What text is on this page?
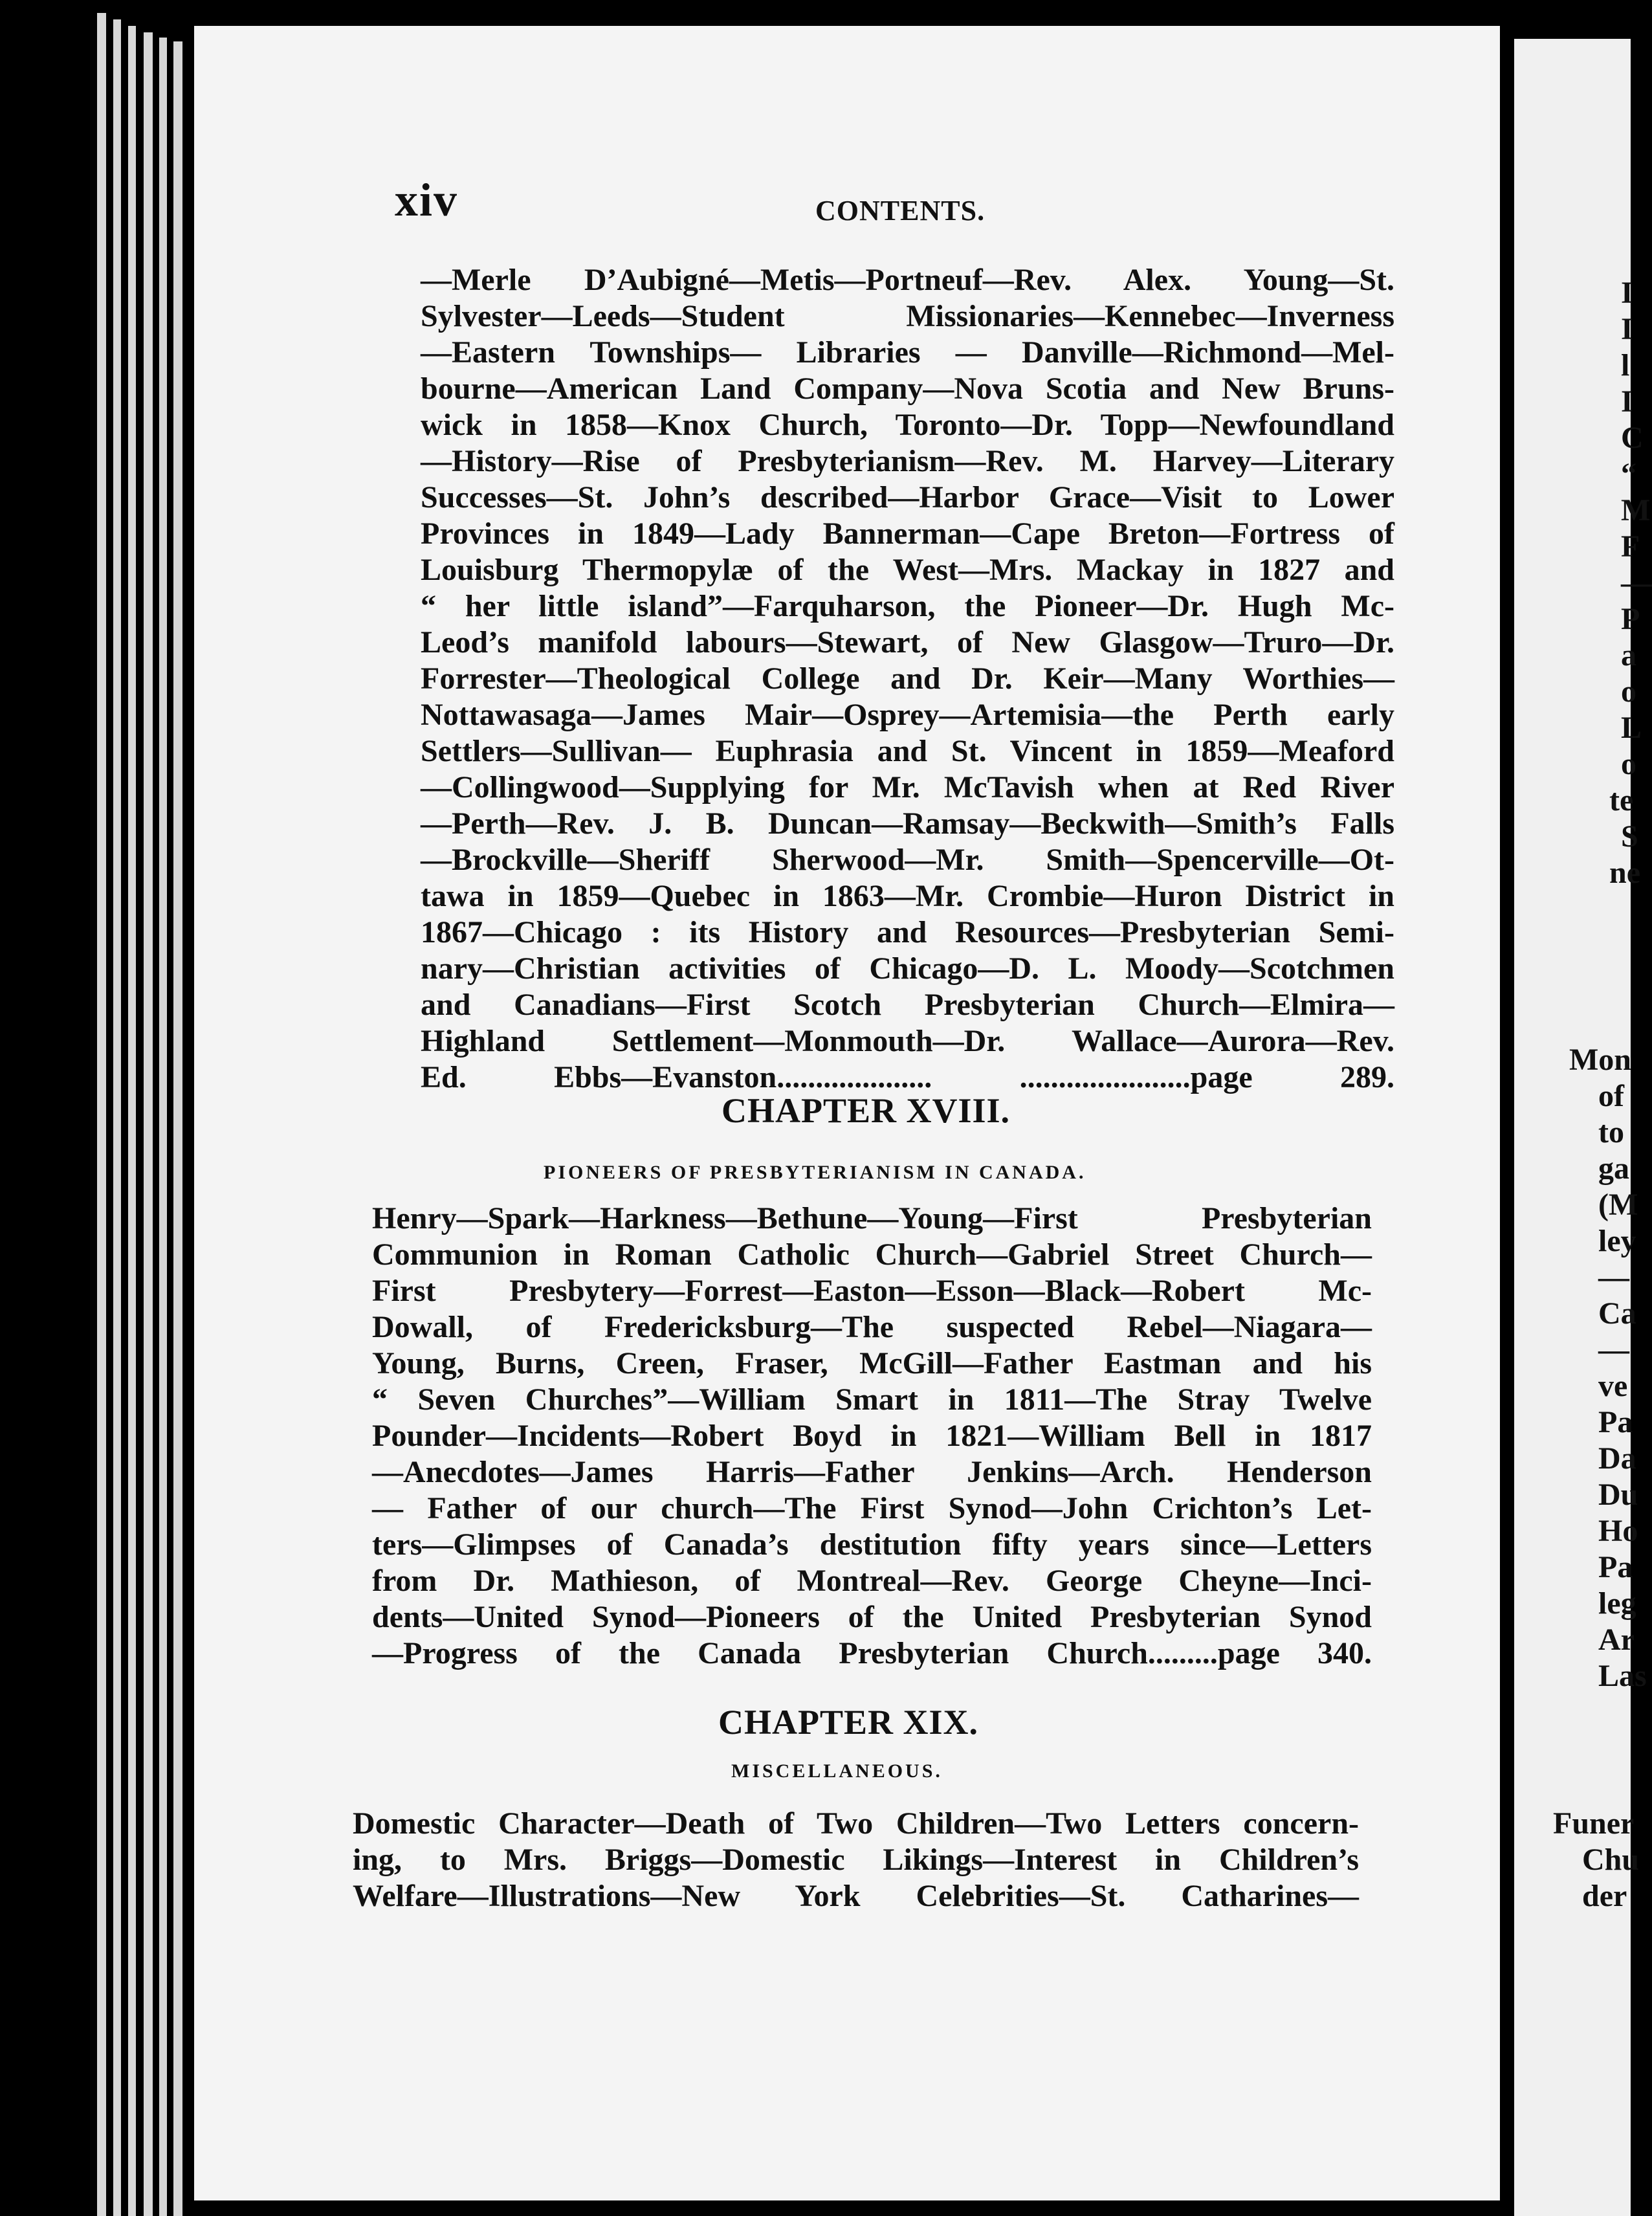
xiv	CONTENTS.
—Merle D’Aubigné—Metis—Portneuf—Rev. Alex. Young—St.
Sylvester—Leeds—Student Missionaries—Kennebec—Inverness
—Eastern Townships— Libraries — Danville—Richmond—Mel-
bourne—American Land Company—Nova Scotia and New Bruns-
wick in 1858—Knox Church, Toronto—Dr. Topp—Newfoundland
—History—Rise of Presbyterianism—Rev. M. Harvey—Literary
Successes—St. John’s described—Harbor Grace—Visit to Lower
Provinces in 1849—Lady Bannerman—Cape Breton—Fortress of
Louisburg Thermopylæ of the West—Mrs. Mackay in 1827 and
“ her little island”—Farquharson, the Pioneer—Dr. Hugh Mc-
Leod’s manifold labours—Stewart, of New Glasgow—Truro—Dr.
Forrester—Theological College and Dr. Keir—Many Worthies—
Nottawasaga—James Mair—Osprey—Artemisia—the Perth early
Settlers—Sullivan— Euphrasia and St. Vincent in 1859—Meaford
—Collingwood—Supplying for Mr. McTavish when at Red River
—Perth—Rev. J. B. Duncan—Ramsay—Beckwith—Smith’s Falls
—Brockville—Sheriff Sherwood—Mr. Smith—Spencerville—Ot-
tawa in 1859—Quebec in 1863—Mr. Crombie—Huron District in
1867—Chicago : its History and Resources—Presbyterian Semi-
nary—Christian activities of Chicago—D. L. Moody—Scotchmen
and Canadians—First Scotch Presbyterian Church—Elmira—
Highland Settlement—Monmouth—Dr. Wallace—Aurora—Rev.
Ed. Ebbs—Evanston.................... ......................page 289.
CHAPTER XVIII.
PIONEERS OF PRESBYTERIANISM IN CANADA.
Henry—Spark—Harkness—Bethune—Young—First Presbyterian
Communion in Roman Catholic Church—Gabriel Street Church—
First Presbytery—Forrest—Easton—Esson—Black—Robert Mc-
Dowall, of Fredericksburg—The suspected Rebel—Niagara—
Young, Burns, Creen, Fraser, McGill—Father Eastman and his
“ Seven Churches”—William Smart in 1811—The Stray Twelve
Pounder—Incidents—Robert Boyd in 1821—William Bell in 1817
—Anecdotes—James Harris—Father Jenkins—Arch. Henderson
— Father of our church—The First Synod—John Crichton’s Let-
ters—Glimpses of Canada’s destitution fifty years since—Letters
from Dr. Mathieson, of Montreal—Rev. George Cheyne—Inci-
dents—United Synod—Pioneers of the United Presbyterian Synod
—Progress of the Canada Presbyterian Church.........page 340.
CHAPTER XIX.
MISCELLANEOUS.
Domestic Character—Death of Two Children—Two Letters concern-
ing, to Mrs. Briggs—Domestic Likings—Interest in Children’s
Welfare—Illustrations—New York Celebrities—St. Catharines—
I
I
l
I
C
“
M
F
—
P
a
o
L
o
te
S
ne
Mon
of
to
ga
(M
ley
—
Ca
—
ve
Pa
Da
Du
Ho
Pa
leg
Ar
Las
Funer
Chu
der
